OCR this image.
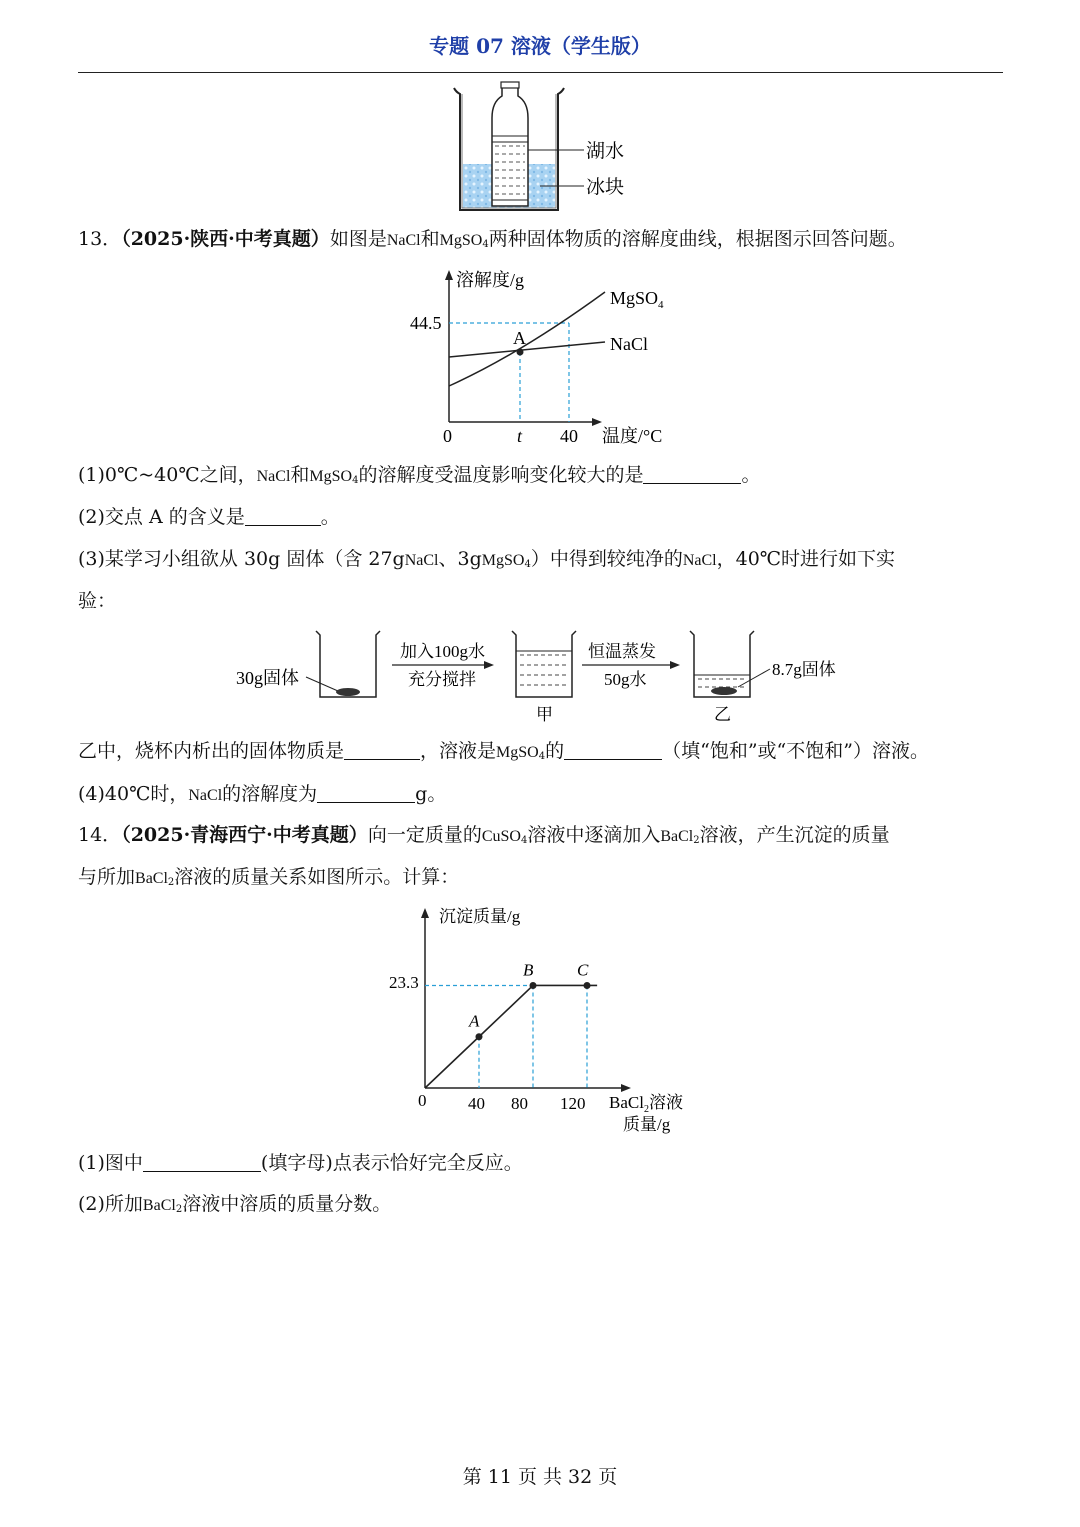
专题 07 溶液（学生版）
湖水
冰块
13．（2025·陕西·中考真题）如图是NaCl和MgSO$_4$两种固体物质的溶解度曲线，根据图示回答问题。
溶解度/g
温度/°C
0	t 40
44.5
A
MgSO$_4$
NaCl
(1)0℃~40℃之间，NaCl和MgSO$_4$的溶解度受温度影响变化较大的是	。
(2)交点 A 的含义是	。
(3)某学习小组欲从 30g 固体（含 27gNaCl、3gMgSO$_4$）中得到较纯净的NaCl，40℃时进行如下实
验：
30g固体
加入100g水
充分搅拌
甲
恒温蒸发
50g水
8.7g固体
乙
乙中，烧杯内析出的固体物质是	，溶液是MgSO$_4$的	（填“饱和”或“不饱和”）溶液。
(4)40℃时，NaCl的溶解度为	g。
14．（2025·青海西宁·中考真题）向一定质量的CuSO$_4$溶液中逐滴加入BaCl$_2$溶液，产生沉淀的质量
与所加BaCl$_2$溶液的质量关系如图所示。计算：
沉淀质量/g
23.3
0 40 80 120 BaCl$_2$溶液
质量/g
A
B	C
(1)图中	(填字母)点表示恰好完全反应。
(2)所加BaCl$_2$溶液中溶质的质量分数。
第 11 页 共 32 页
